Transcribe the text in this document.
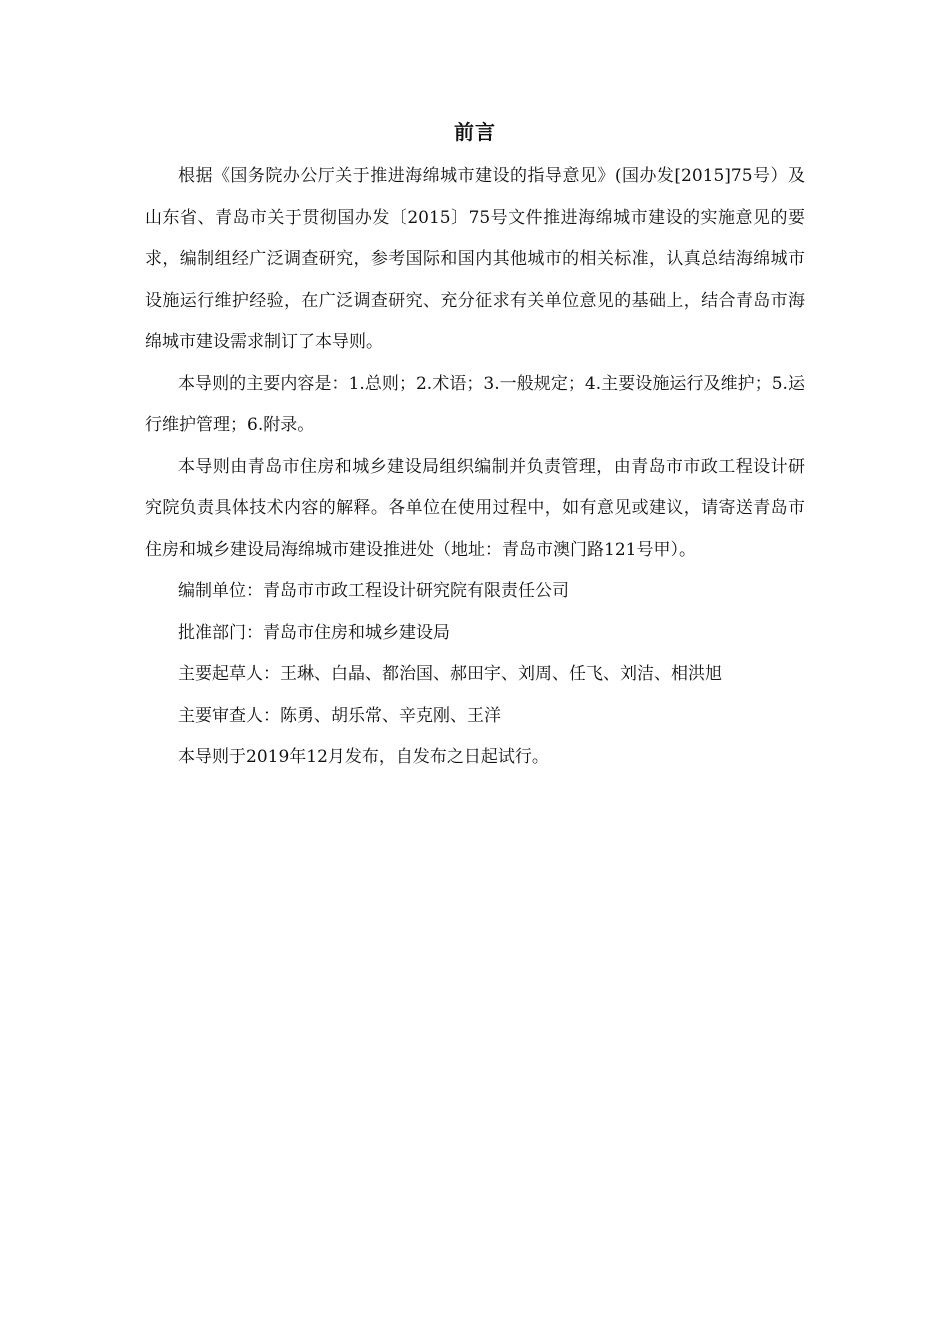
前言

根据《国务院办公厅关于推进海绵城市建设的指导意见》(国办发[2015]75号）及山东省、青岛市关于贯彻国办发〔2015〕75号文件推进海绵城市建设的实施意见的要求，编制组经广泛调查研究，参考国际和国内其他城市的相关标准，认真总结海绵城市设施运行维护经验，在广泛调查研究、充分征求有关单位意见的基础上，结合青岛市海绵城市建设需求制订了本导则。

本导则的主要内容是：1.总则；2.术语；3.一般规定；4.主要设施运行及维护；5.运行维护管理；6.附录。

本导则由青岛市住房和城乡建设局组织编制并负责管理，由青岛市市政工程设计研究院负责具体技术内容的解释。各单位在使用过程中，如有意见或建议，请寄送青岛市住房和城乡建设局海绵城市建设推进处（地址：青岛市澳门路121号甲）。

编制单位：青岛市市政工程设计研究院有限责任公司

批准部门：青岛市住房和城乡建设局

主要起草人：王琳、白晶、都治国、郝田宇、刘周、任飞、刘洁、相洪旭

主要审查人：陈勇、胡乐常、辛克刚、王洋

本导则于2019年12月发布，自发布之日起试行。
